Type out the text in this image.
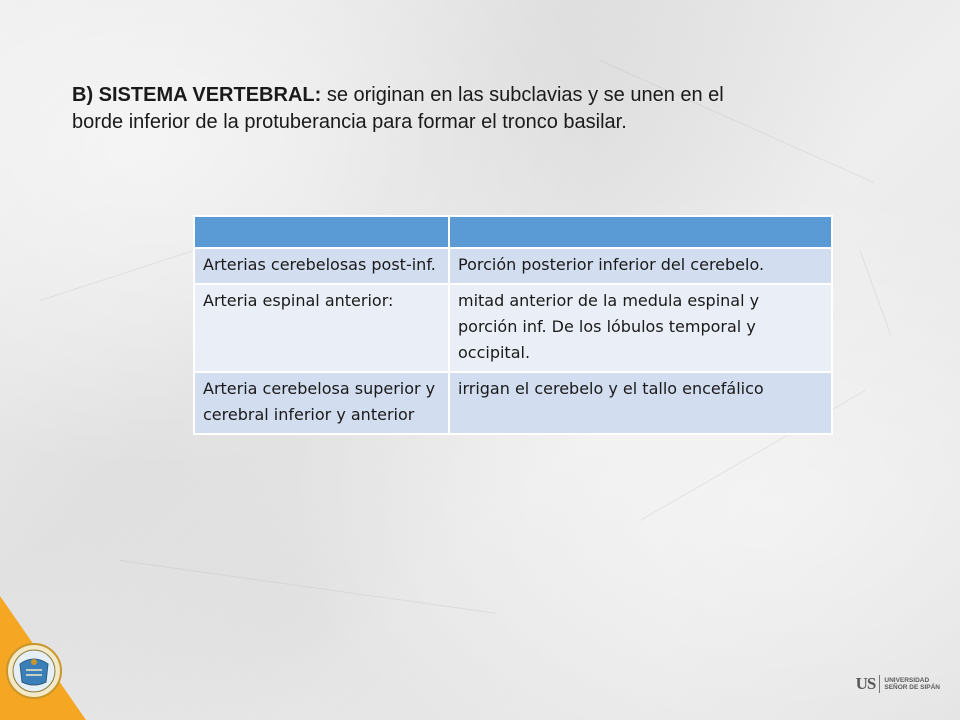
B) SISTEMA VERTEBRAL: se originan en las subclavias y se unen en el borde inferior de la protuberancia para formar el tronco basilar.

Arterias cerebelosas post-inf.	Porción posterior inferior del cerebelo.
Arteria espinal anterior:	mitad anterior de la medula espinal y porción inf. De los lóbulos temporal y occipital.
Arteria cerebelosa superior y cerebral inferior y anterior	irrigan el cerebelo y el tallo encefálico
US UNIVERSIDAD
SEÑOR DE SIPÁN
